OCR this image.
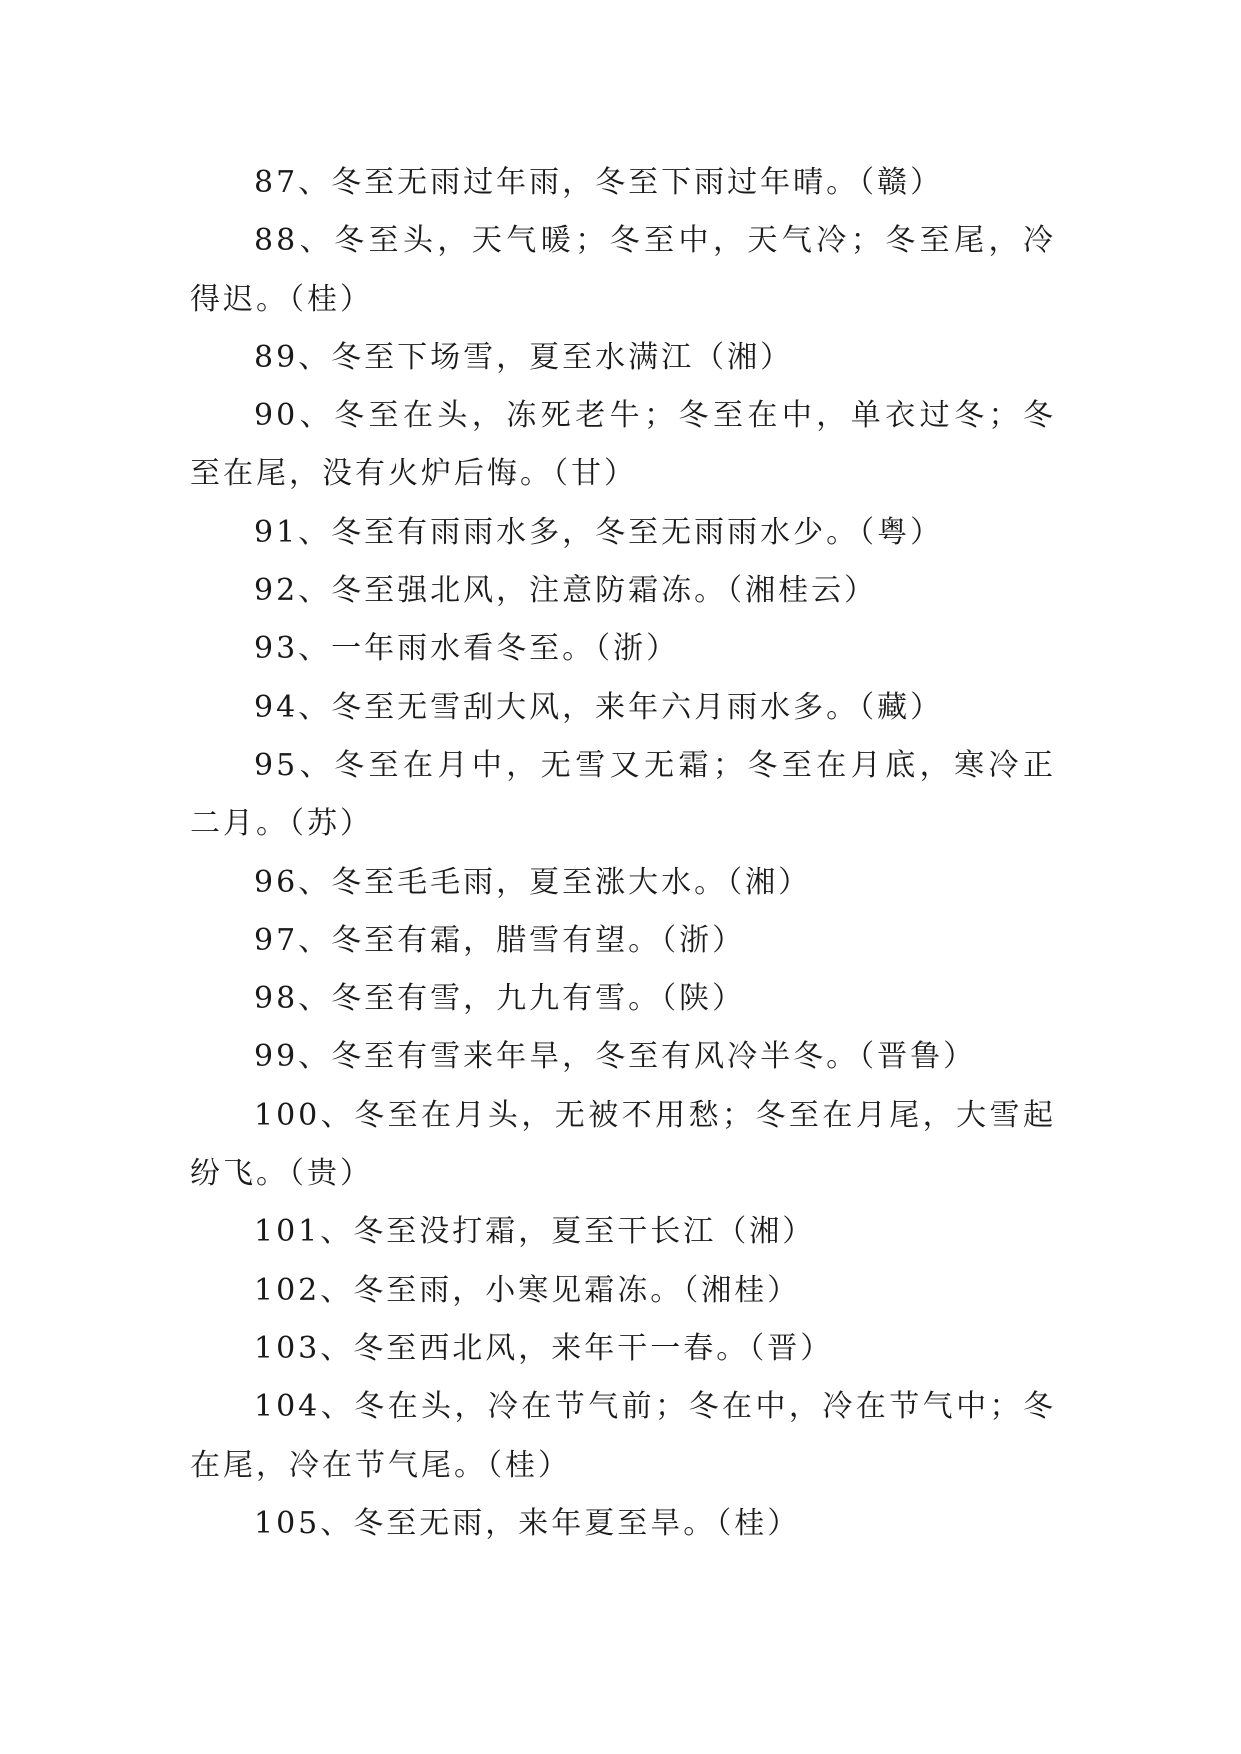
87、冬至无雨过年雨，冬至下雨过年晴。（赣）

88、冬至头，天气暖；冬至中，天气冷；冬至尾，冷得迟。（桂）

89、冬至下场雪，夏至水满江（湘）

90、冬至在头，冻死老牛；冬至在中，单衣过冬；冬至在尾，没有火炉后悔。（甘）

91、冬至有雨雨水多，冬至无雨雨水少。（粤）

92、冬至强北风，注意防霜冻。（湘桂云）

93、一年雨水看冬至。（浙）

94、冬至无雪刮大风，来年六月雨水多。（藏）

95、冬至在月中，无雪又无霜；冬至在月底，寒冷正二月。（苏）

96、冬至毛毛雨，夏至涨大水。（湘）

97、冬至有霜，腊雪有望。（浙）

98、冬至有雪，九九有雪。（陕）

99、冬至有雪来年旱，冬至有风冷半冬。（晋鲁）

100、冬至在月头，无被不用愁；冬至在月尾，大雪起纷飞。（贵）

101、冬至没打霜，夏至干长江（湘）

102、冬至雨，小寒见霜冻。（湘桂）

103、冬至西北风，来年干一春。（晋）

104、冬在头，冷在节气前；冬在中，冷在节气中；冬在尾，冷在节气尾。（桂）

105、冬至无雨，来年夏至旱。（桂）
